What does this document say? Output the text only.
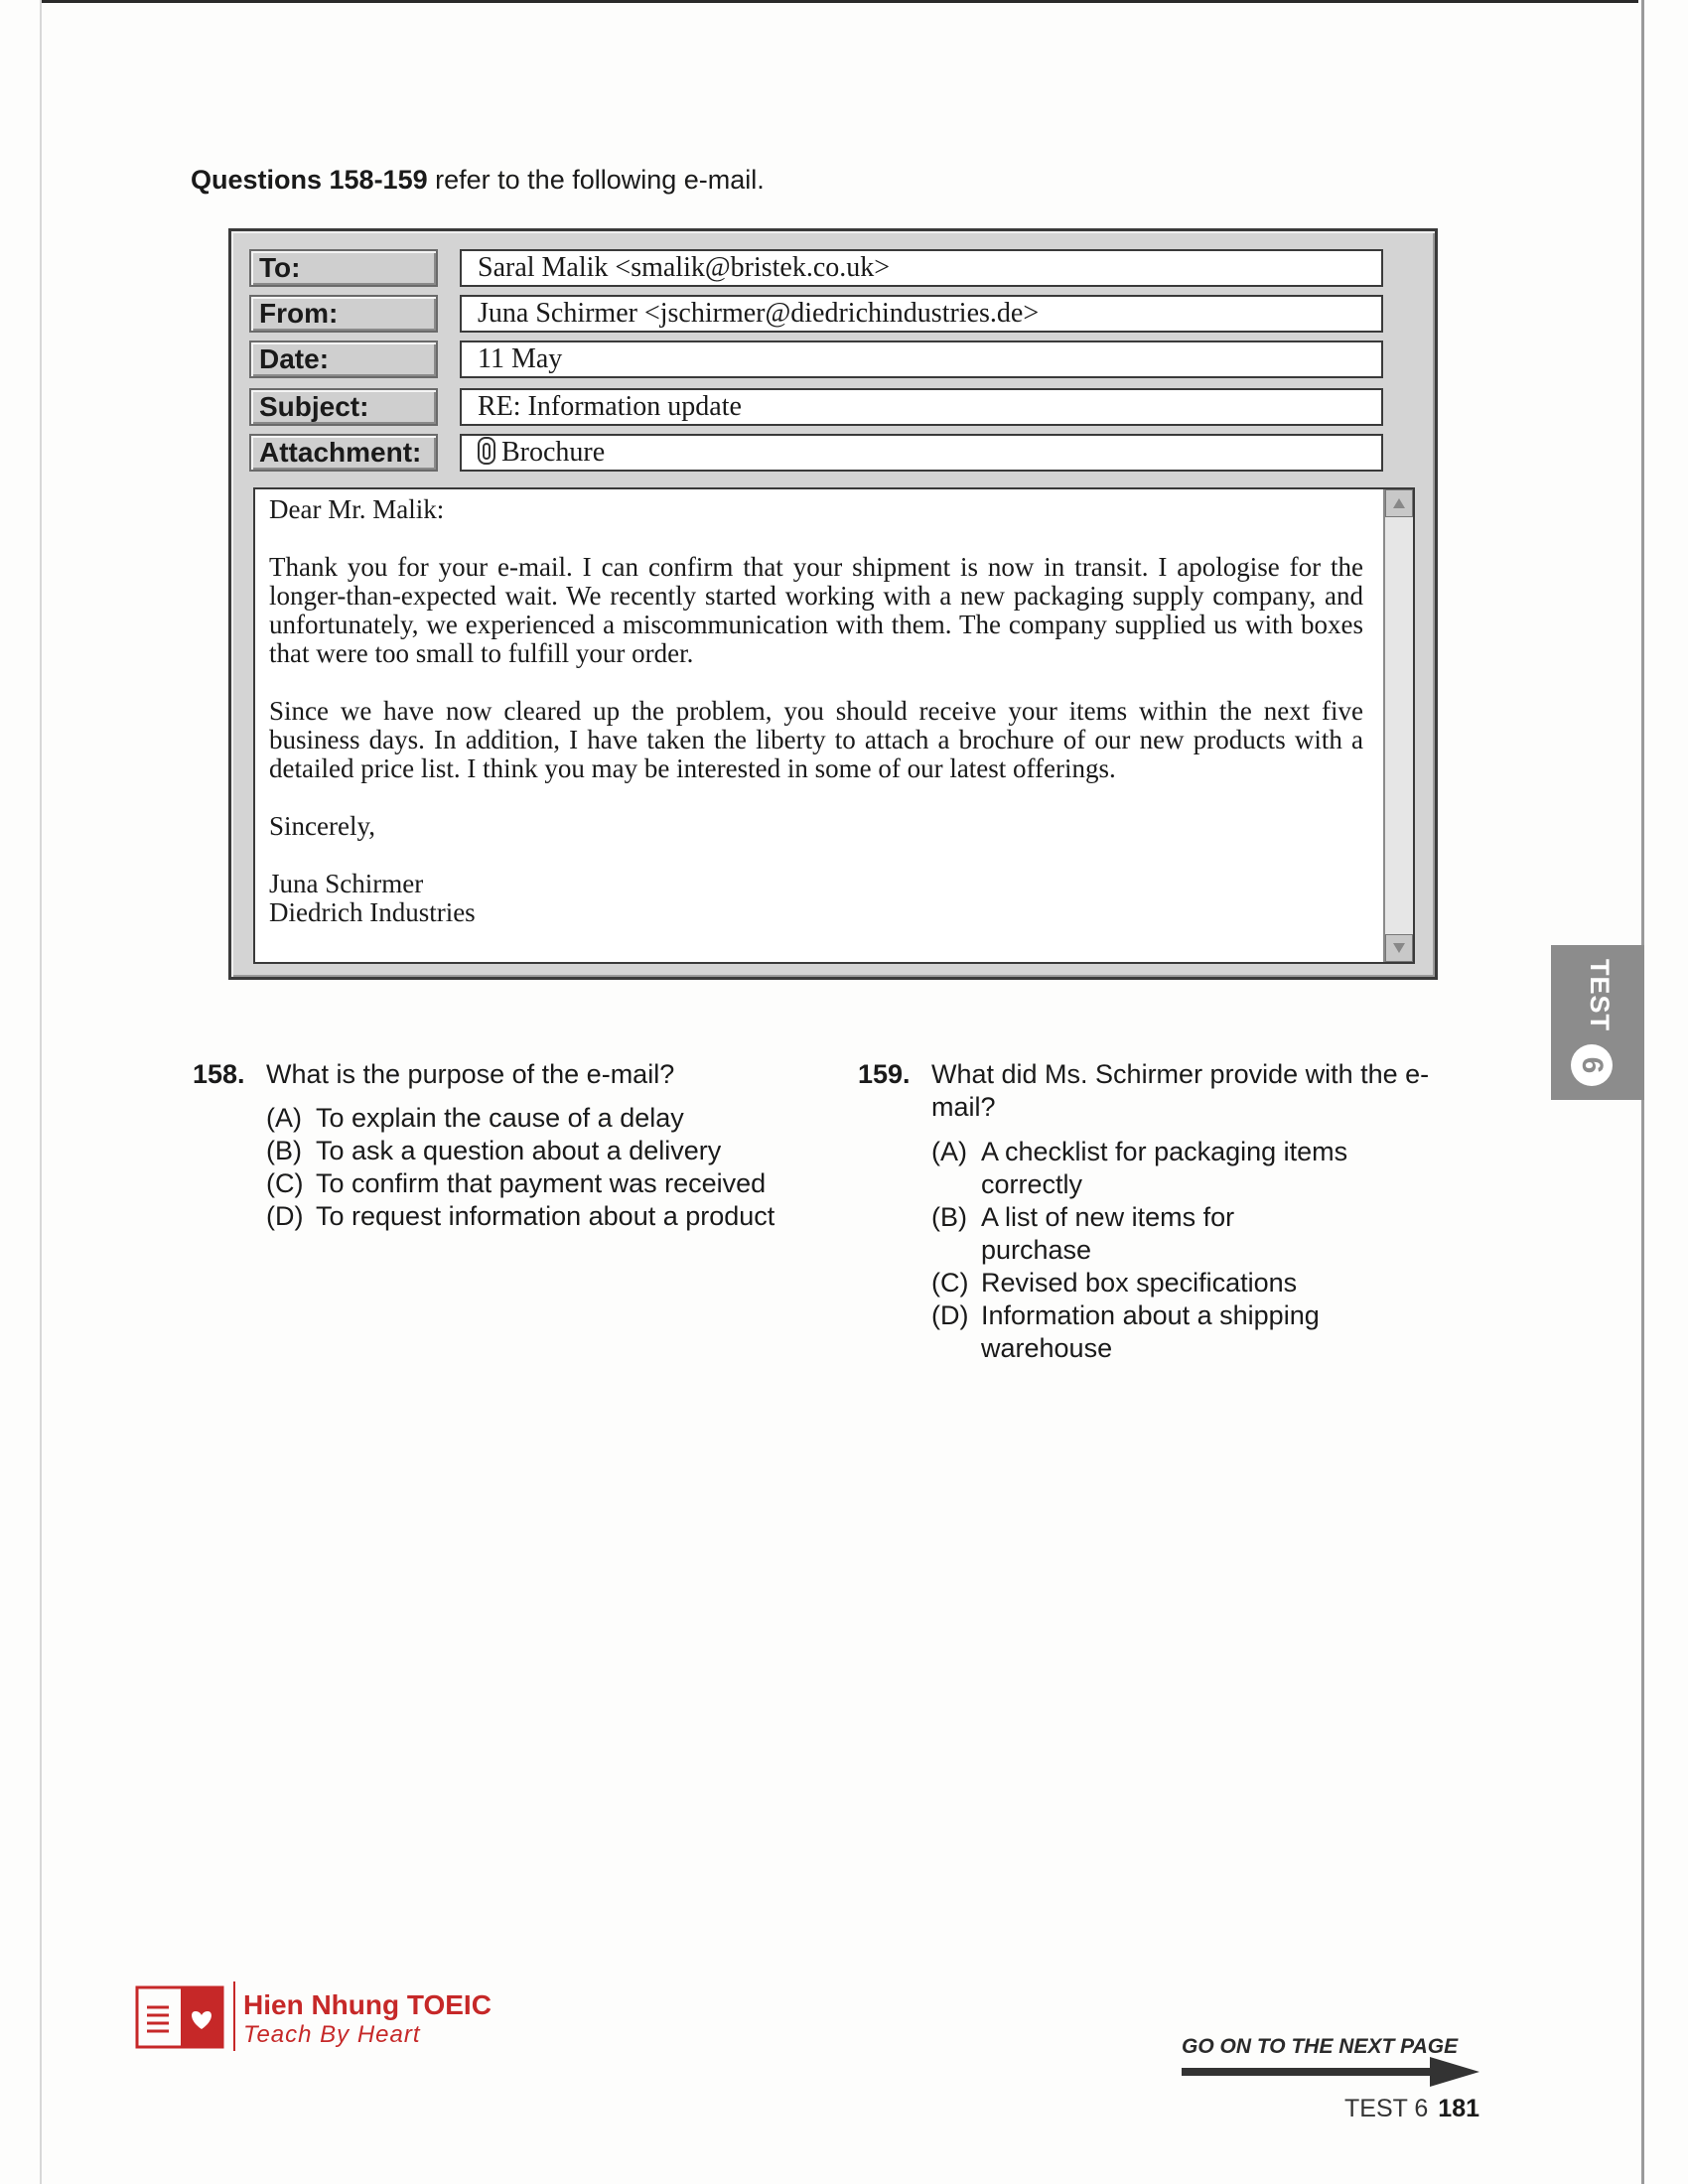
Questions 158-159 refer to the following e-mail.
To:	Saral Malik <smalik@bristek.co.uk>
From:	Juna Schirmer <jschirmer@diedrichindustries.de>
Date:	11 May
Subject:	RE: Information update
Attachment:	Brochure

Dear Mr. Malik:

Thank you for your e-mail. I can confirm that your shipment is now in transit. I apologise for the longer-than-expected wait. We recently started working with a new packaging supply company, and unfortunately, we experienced a miscommunication with them. The company supplied us with boxes that were too small to fulfill your order.

Since we have now cleared up the problem, you should receive your items within the next five business days. In addition, I have taken the liberty to attach a brochure of our new products with a detailed price list. I think you may be interested in some of our latest offerings.

Sincerely,

Juna Schirmer

Diedrich Industries

158. What is the purpose of the e-mail?
(A) To explain the cause of a delay
(B) To ask a question about a delivery
(C) To confirm that payment was received
(D) To request information about a product
159. What did Ms. Schirmer provide with the e-mail?
(A) A checklist for packaging items correctly
(B) A list of new items for purchase
(C) Revised box specifications
(D) Information about a shipping warehouse
TEST
6
Hien Nhung TOEIC
Teach By Heart	GO ON TO THE NEXT PAGE
TEST 6 181
